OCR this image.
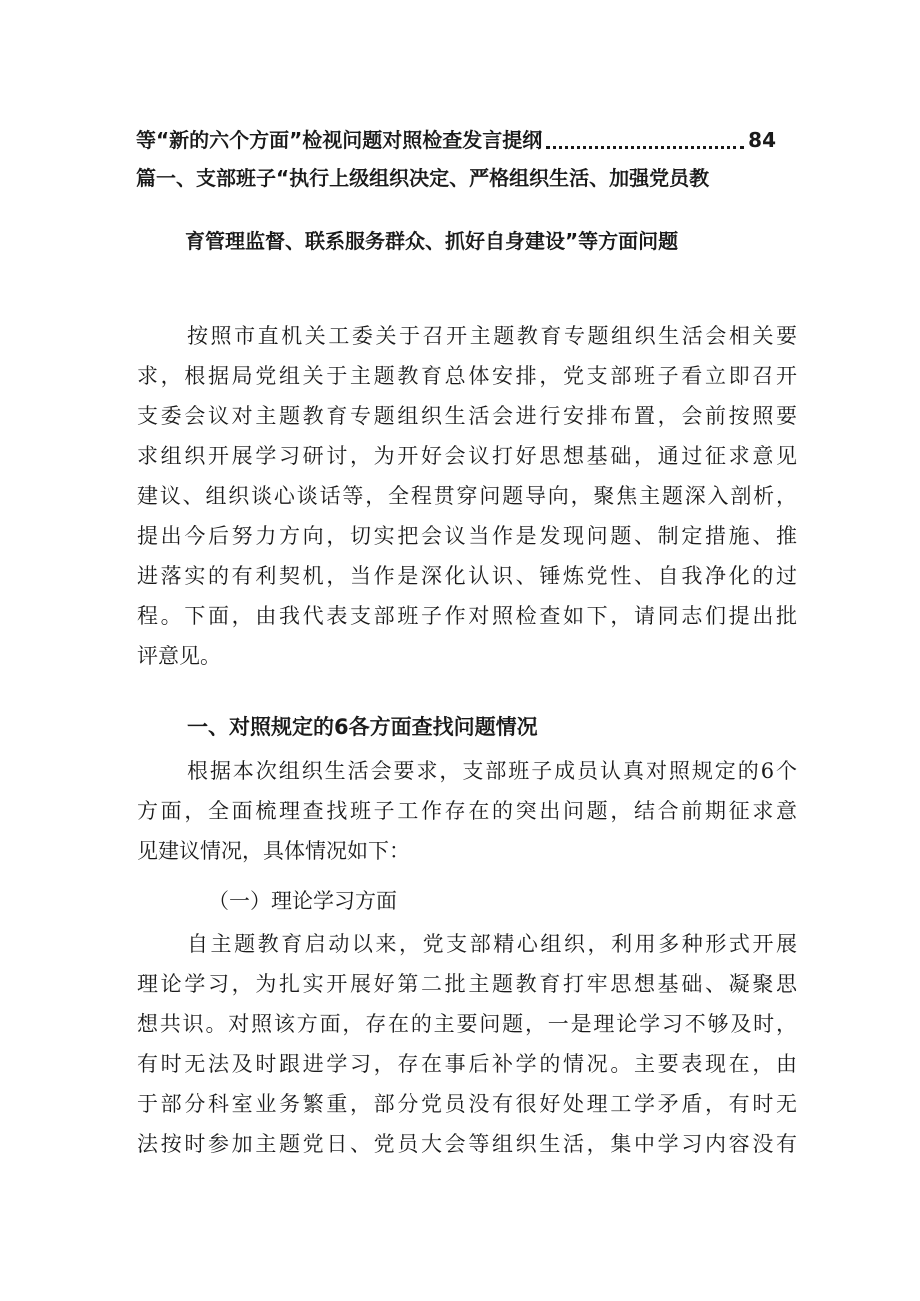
等“新的六个方面”检视问题对照检查发言提纲	84
篇一、支部班子“执行上级组织决定、严格组织生活、加强党员教
育管理监督、联系服务群众、抓好自身建设”等方面问题
按照市直机关工委关于召开主题教育专题组织生活会相关要
求，根据局党组关于主题教育总体安排，党支部班子看立即召开
支委会议对主题教育专题组织生活会进行安排布置，会前按照要
求组织开展学习研讨，为开好会议打好思想基础，通过征求意见
建议、组织谈心谈话等，全程贯穿问题导向，聚焦主题深入剖析，
提出今后努力方向，切实把会议当作是发现问题、制定措施、推
进落实的有利契机，当作是深化认识、锤炼党性、自我净化的过
程。下面，由我代表支部班子作对照检查如下，请同志们提出批
评意见。
一、对照规定的6各方面查找问题情况
根据本次组织生活会要求，支部班子成员认真对照规定的6个
方面，全面梳理查找班子工作存在的突出问题，结合前期征求意
见建议情况，具体情况如下：
（一）理论学习方面
自主题教育启动以来，党支部精心组织，利用多种形式开展
理论学习，为扎实开展好第二批主题教育打牢思想基础、凝聚思
想共识。对照该方面，存在的主要问题，一是理论学习不够及时，
有时无法及时跟进学习，存在事后补学的情况。主要表现在，由
于部分科室业务繁重，部分党员没有很好处理工学矛盾，有时无
法按时参加主题党日、党员大会等组织生活，集中学习内容没有
